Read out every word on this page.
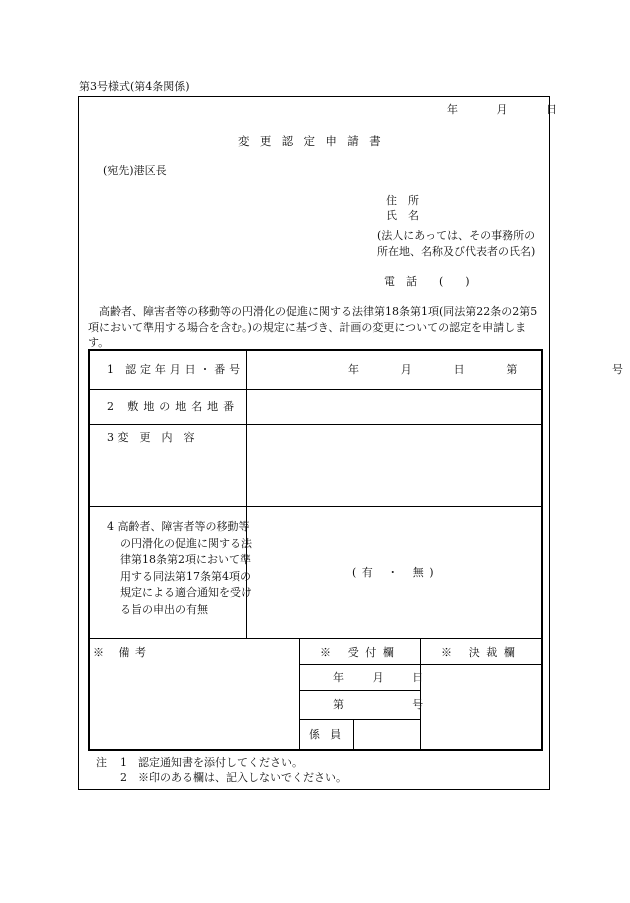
第3号様式(第4条関係)
年　　月　　日
変更認定申請書
(宛先)港区長
住　所
氏　名
(法人にあっては、その事務所の所在地、名称及び代表者の氏名)
電　話　　(　　)
高齢者、障害者等の移動等の円滑化の促進に関する法律第18条第1項(同法第22条の2第5項において準用する場合を含む。)の規定に基づき、計画の変更についての認定を申請します。
1 認定年月日・番号	年　　月　　日　　第　　　　　号
2 敷地の地名地番
3 変　更　内　容
4 高齢者、障害者等の移動等の円滑化の促進に関する法律第18条第2項において準用する同法第17条第4項の規定による適合通知を受ける旨の申出の有無
(有 ・ 無)
※ 備考	※ 受付欄	※ 決裁欄
年　　月　　日
第　　　　　号
係 員
注 1　認定通知書を添付してください。
2　※印のある欄は、記入しないでください。
